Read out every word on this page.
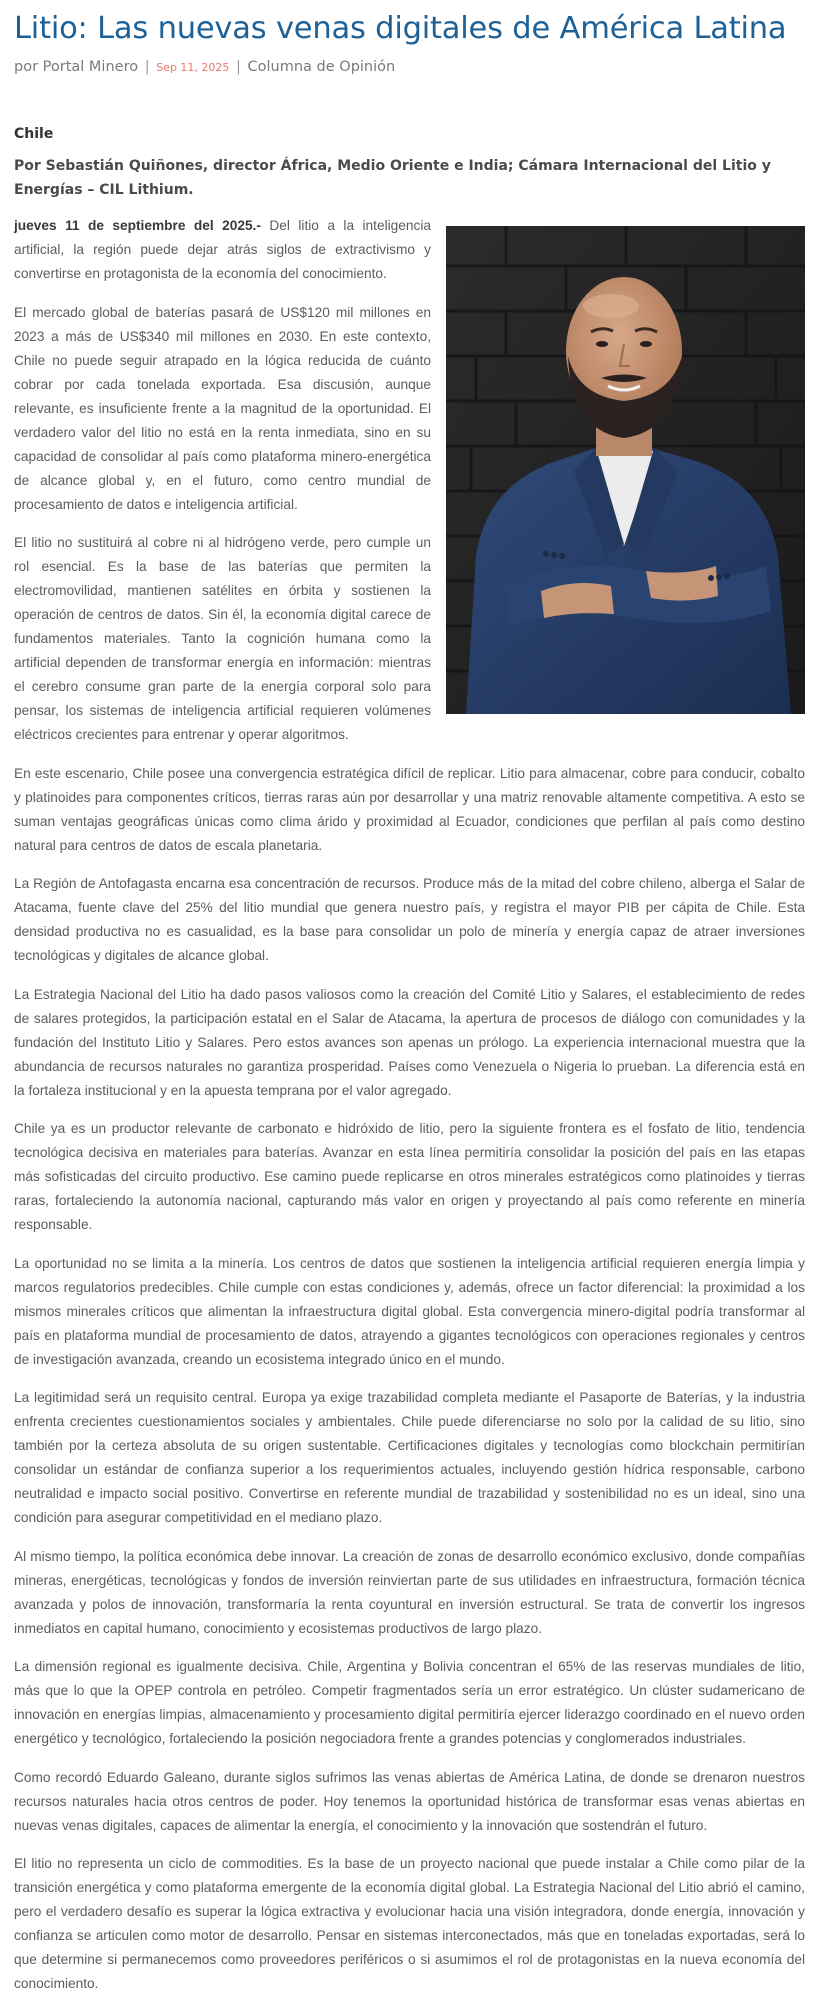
Litio: Las nuevas venas digitales de América Latina
por Portal Minero | Sep 11, 2025 | Columna de Opinión
Chile
Por Sebastián Quiñones, director África, Medio Oriente e India; Cámara Internacional del Litio y Energías – CIL Lithium.

jueves 11 de septiembre del 2025.- Del litio a la inteligencia artificial, la región puede dejar atrás siglos de extractivismo y convertirse en protagonista de la economía del conocimiento.

El mercado global de baterías pasará de US$120 mil millones en 2023 a más de US$340 mil millones en 2030. En este contexto, Chile no puede seguir atrapado en la lógica reducida de cuánto cobrar por cada tonelada exportada. Esa discusión, aunque relevante, es insuficiente frente a la magnitud de la oportunidad. El verdadero valor del litio no está en la renta inmediata, sino en su capacidad de consolidar al país como plataforma minero-energética de alcance global y, en el futuro, como centro mundial de procesamiento de datos e inteligencia artificial.

El litio no sustituirá al cobre ni al hidrógeno verde, pero cumple un rol esencial. Es la base de las baterías que permiten la electromovilidad, mantienen satélites en órbita y sostienen la operación de centros de datos. Sin él, la economía digital carece de fundamentos materiales. Tanto la cognición humana como la artificial dependen de transformar energía en información: mientras el cerebro consume gran parte de la energía corporal solo para pensar, los sistemas de inteligencia artificial requieren volúmenes eléctricos crecientes para entrenar y operar algoritmos.

En este escenario, Chile posee una convergencia estratégica difícil de replicar. Litio para almacenar, cobre para conducir, cobalto y platinoides para componentes críticos, tierras raras aún por desarrollar y una matriz renovable altamente competitiva. A esto se suman ventajas geográficas únicas como clima árido y proximidad al Ecuador, condiciones que perfilan al país como destino natural para centros de datos de escala planetaria.

La Región de Antofagasta encarna esa concentración de recursos. Produce más de la mitad del cobre chileno, alberga el Salar de Atacama, fuente clave del 25% del litio mundial que genera nuestro país, y registra el mayor PIB per cápita de Chile. Esta densidad productiva no es casualidad, es la base para consolidar un polo de minería y energía capaz de atraer inversiones tecnológicas y digitales de alcance global.

La Estrategia Nacional del Litio ha dado pasos valiosos como la creación del Comité Litio y Salares, el establecimiento de redes de salares protegidos, la participación estatal en el Salar de Atacama, la apertura de procesos de diálogo con comunidades y la fundación del Instituto Litio y Salares. Pero estos avances son apenas un prólogo. La experiencia internacional muestra que la abundancia de recursos naturales no garantiza prosperidad. Países como Venezuela o Nigeria lo prueban. La diferencia está en la fortaleza institucional y en la apuesta temprana por el valor agregado.

Chile ya es un productor relevante de carbonato e hidróxido de litio, pero la siguiente frontera es el fosfato de litio, tendencia tecnológica decisiva en materiales para baterías. Avanzar en esta línea permitiría consolidar la posición del país en las etapas más sofisticadas del circuito productivo. Ese camino puede replicarse en otros minerales estratégicos como platinoides y tierras raras, fortaleciendo la autonomía nacional, capturando más valor en origen y proyectando al país como referente en minería responsable.

La oportunidad no se limita a la minería. Los centros de datos que sostienen la inteligencia artificial requieren energía limpia y marcos regulatorios predecibles. Chile cumple con estas condiciones y, además, ofrece un factor diferencial: la proximidad a los mismos minerales críticos que alimentan la infraestructura digital global. Esta convergencia minero-digital podría transformar al país en plataforma mundial de procesamiento de datos, atrayendo a gigantes tecnológicos con operaciones regionales y centros de investigación avanzada, creando un ecosistema integrado único en el mundo.

La legitimidad será un requisito central. Europa ya exige trazabilidad completa mediante el Pasaporte de Baterías, y la industria enfrenta crecientes cuestionamientos sociales y ambientales. Chile puede diferenciarse no solo por la calidad de su litio, sino también por la certeza absoluta de su origen sustentable. Certificaciones digitales y tecnologías como blockchain permitirían consolidar un estándar de confianza superior a los requerimientos actuales, incluyendo gestión hídrica responsable, carbono neutralidad e impacto social positivo. Convertirse en referente mundial de trazabilidad y sostenibilidad no es un ideal, sino una condición para asegurar competitividad en el mediano plazo.

Al mismo tiempo, la política económica debe innovar. La creación de zonas de desarrollo económico exclusivo, donde compañías mineras, energéticas, tecnológicas y fondos de inversión reinviertan parte de sus utilidades en infraestructura, formación técnica avanzada y polos de innovación, transformaría la renta coyuntural en inversión estructural. Se trata de convertir los ingresos inmediatos en capital humano, conocimiento y ecosistemas productivos de largo plazo.

La dimensión regional es igualmente decisiva. Chile, Argentina y Bolivia concentran el 65% de las reservas mundiales de litio, más que lo que la OPEP controla en petróleo. Competir fragmentados sería un error estratégico. Un clúster sudamericano de innovación en energías limpias, almacenamiento y procesamiento digital permitiría ejercer liderazgo coordinado en el nuevo orden energético y tecnológico, fortaleciendo la posición negociadora frente a grandes potencias y conglomerados industriales.

Como recordó Eduardo Galeano, durante siglos sufrimos las venas abiertas de América Latina, de donde se drenaron nuestros recursos naturales hacia otros centros de poder. Hoy tenemos la oportunidad histórica de transformar esas venas abiertas en nuevas venas digitales, capaces de alimentar la energía, el conocimiento y la innovación que sostendrán el futuro.

El litio no representa un ciclo de commodities. Es la base de un proyecto nacional que puede instalar a Chile como pilar de la transición energética y como plataforma emergente de la economía digital global. La Estrategia Nacional del Litio abrió el camino, pero el verdadero desafío es superar la lógica extractiva y evolucionar hacia una visión integradora, donde energía, innovación y confianza se articulen como motor de desarrollo. Pensar en sistemas interconectados, más que en toneladas exportadas, será lo que determine si permanecemos como proveedores periféricos o si asumimos el rol de protagonistas en la nueva economía del conocimiento.
